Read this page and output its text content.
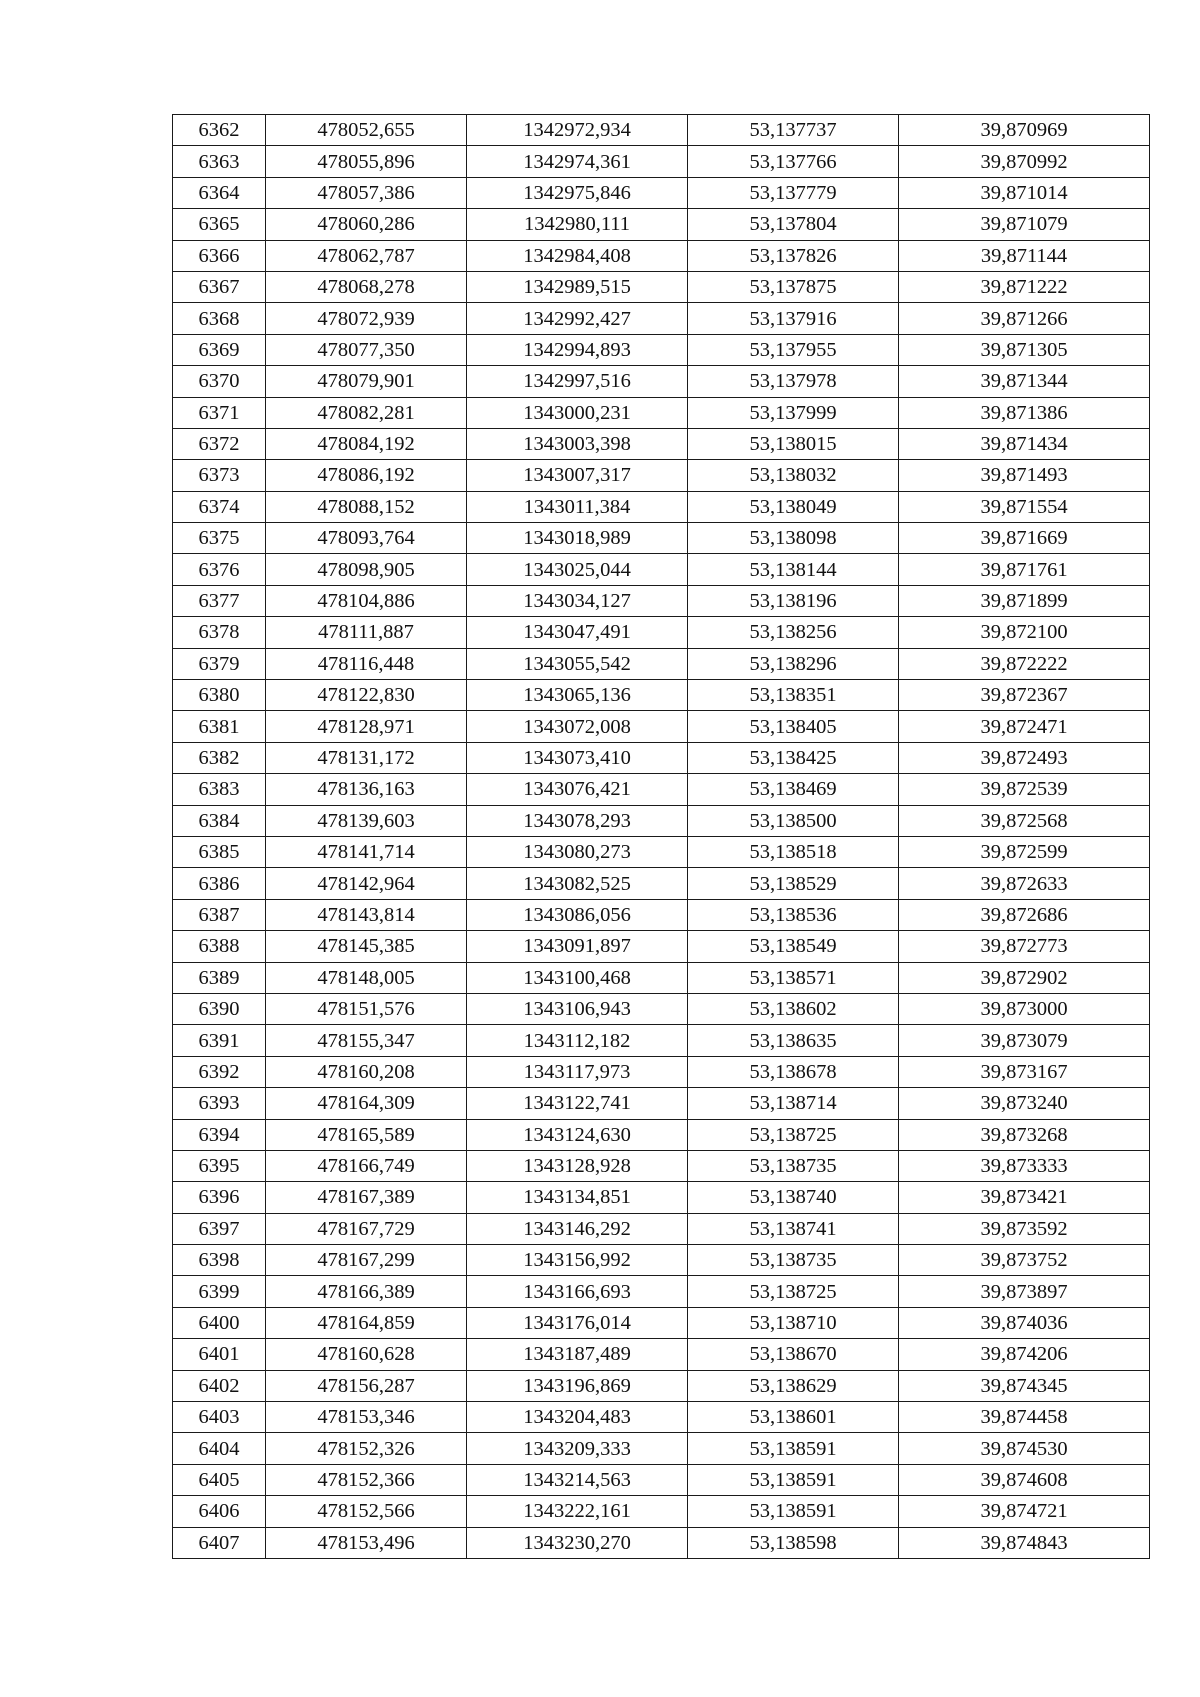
6362	478052,655	1342972,934	53,137737	39,870969
6363	478055,896	1342974,361	53,137766	39,870992
6364	478057,386	1342975,846	53,137779	39,871014
6365	478060,286	1342980,111	53,137804	39,871079
6366	478062,787	1342984,408	53,137826	39,871144
6367	478068,278	1342989,515	53,137875	39,871222
6368	478072,939	1342992,427	53,137916	39,871266
6369	478077,350	1342994,893	53,137955	39,871305
6370	478079,901	1342997,516	53,137978	39,871344
6371	478082,281	1343000,231	53,137999	39,871386
6372	478084,192	1343003,398	53,138015	39,871434
6373	478086,192	1343007,317	53,138032	39,871493
6374	478088,152	1343011,384	53,138049	39,871554
6375	478093,764	1343018,989	53,138098	39,871669
6376	478098,905	1343025,044	53,138144	39,871761
6377	478104,886	1343034,127	53,138196	39,871899
6378	478111,887	1343047,491	53,138256	39,872100
6379	478116,448	1343055,542	53,138296	39,872222
6380	478122,830	1343065,136	53,138351	39,872367
6381	478128,971	1343072,008	53,138405	39,872471
6382	478131,172	1343073,410	53,138425	39,872493
6383	478136,163	1343076,421	53,138469	39,872539
6384	478139,603	1343078,293	53,138500	39,872568
6385	478141,714	1343080,273	53,138518	39,872599
6386	478142,964	1343082,525	53,138529	39,872633
6387	478143,814	1343086,056	53,138536	39,872686
6388	478145,385	1343091,897	53,138549	39,872773
6389	478148,005	1343100,468	53,138571	39,872902
6390	478151,576	1343106,943	53,138602	39,873000
6391	478155,347	1343112,182	53,138635	39,873079
6392	478160,208	1343117,973	53,138678	39,873167
6393	478164,309	1343122,741	53,138714	39,873240
6394	478165,589	1343124,630	53,138725	39,873268
6395	478166,749	1343128,928	53,138735	39,873333
6396	478167,389	1343134,851	53,138740	39,873421
6397	478167,729	1343146,292	53,138741	39,873592
6398	478167,299	1343156,992	53,138735	39,873752
6399	478166,389	1343166,693	53,138725	39,873897
6400	478164,859	1343176,014	53,138710	39,874036
6401	478160,628	1343187,489	53,138670	39,874206
6402	478156,287	1343196,869	53,138629	39,874345
6403	478153,346	1343204,483	53,138601	39,874458
6404	478152,326	1343209,333	53,138591	39,874530
6405	478152,366	1343214,563	53,138591	39,874608
6406	478152,566	1343222,161	53,138591	39,874721
6407	478153,496	1343230,270	53,138598	39,874843
